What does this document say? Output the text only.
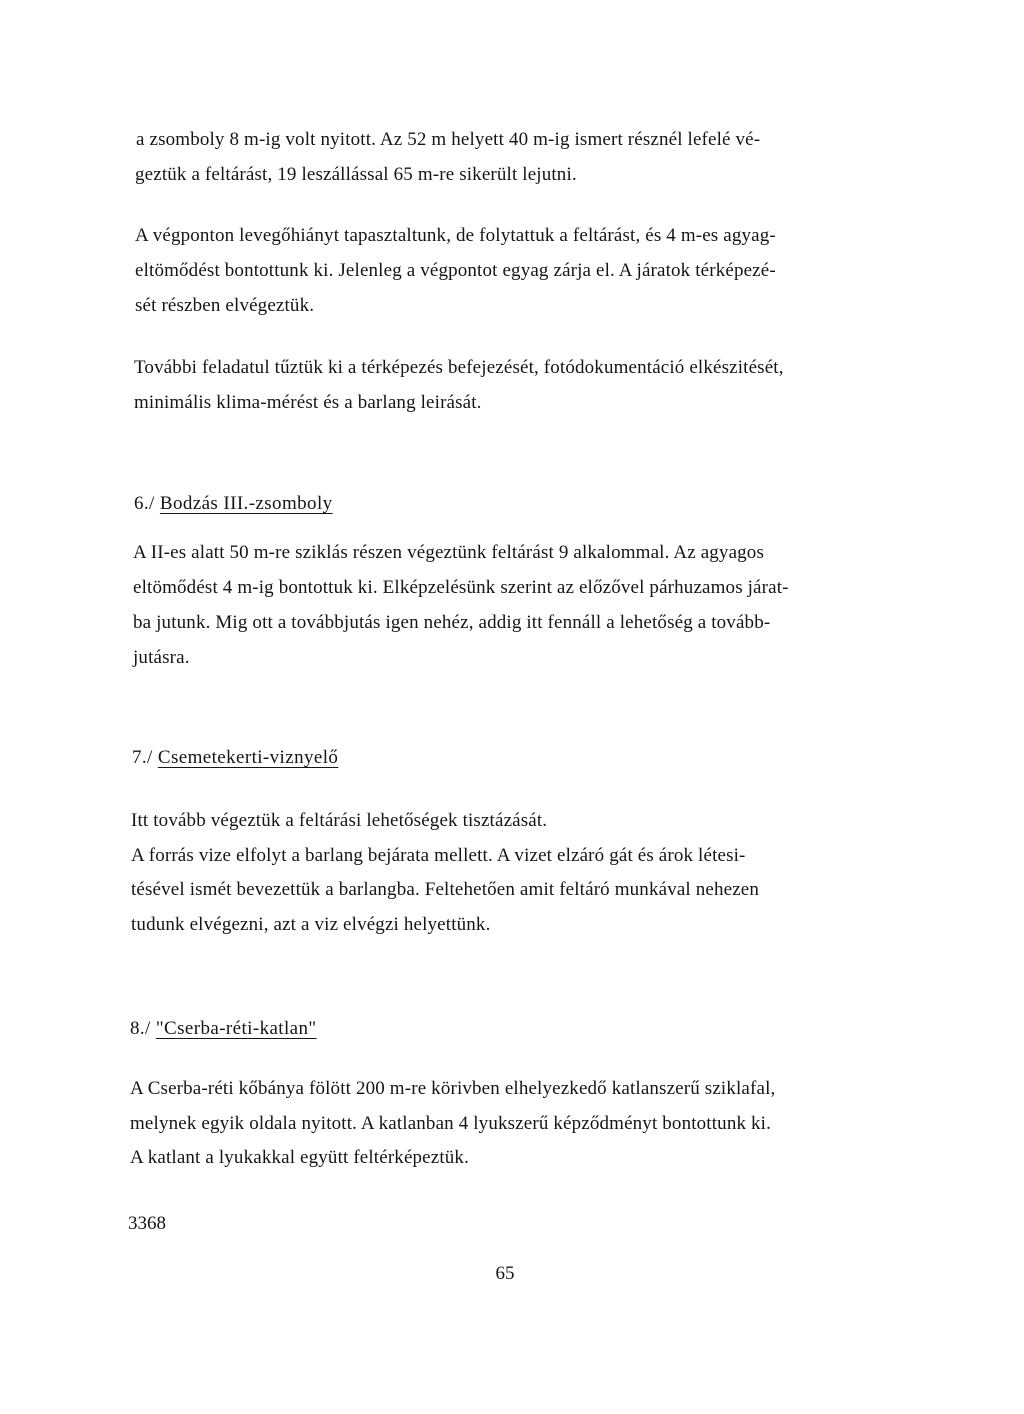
a zsomboly 8 m-ig volt nyitott. Az 52 m helyett 40 m-ig ismert résznél lefelé vé-
geztük a feltárást, 19 leszállással 65 m-re sikerült lejutni.
A végponton levegőhiányt tapasztaltunk, de folytattuk a feltárást, és 4 m-es agyag-
eltömődést bontottunk ki. Jelenleg a végpontot egyag zárja el. A járatok térképezé-
sét részben elvégeztük.
További feladatul tűztük ki a térképezés befejezését, fotódokumentáció elkészitését,
minimális klima-mérést és a barlang leirását.
6./ Bodzás III.-zsomboly
A II-es alatt 50 m-re sziklás részen végeztünk feltárást 9 alkalommal. Az agyagos
eltömődést 4 m-ig bontottuk ki. Elképzelésünk szerint az előzővel párhuzamos járat-
ba jutunk. Mig ott a továbbjutás igen nehéz, addig itt fennáll a lehetőség a tovább-
jutásra.
7./ Csemetekerti-viznyelő
Itt tovább végeztük a feltárási lehetőségek tisztázását.
A forrás vize elfolyt a barlang bejárata mellett. A vizet elzáró gát és árok létesi-
tésével ismét bevezettük a barlangba. Feltehetően amit feltáró munkával nehezen
tudunk elvégezni, azt a viz elvégzi helyettünk.
8./ "Cserba-réti-katlan"
A Cserba-réti kőbánya fölött 200 m-re körivben elhelyezkedő katlanszerű sziklafal,
melynek egyik oldala nyitott. A katlanban 4 lyukszerű képződményt bontottunk ki.
A katlant a lyukakkal együtt feltérképeztük.
3368
65
